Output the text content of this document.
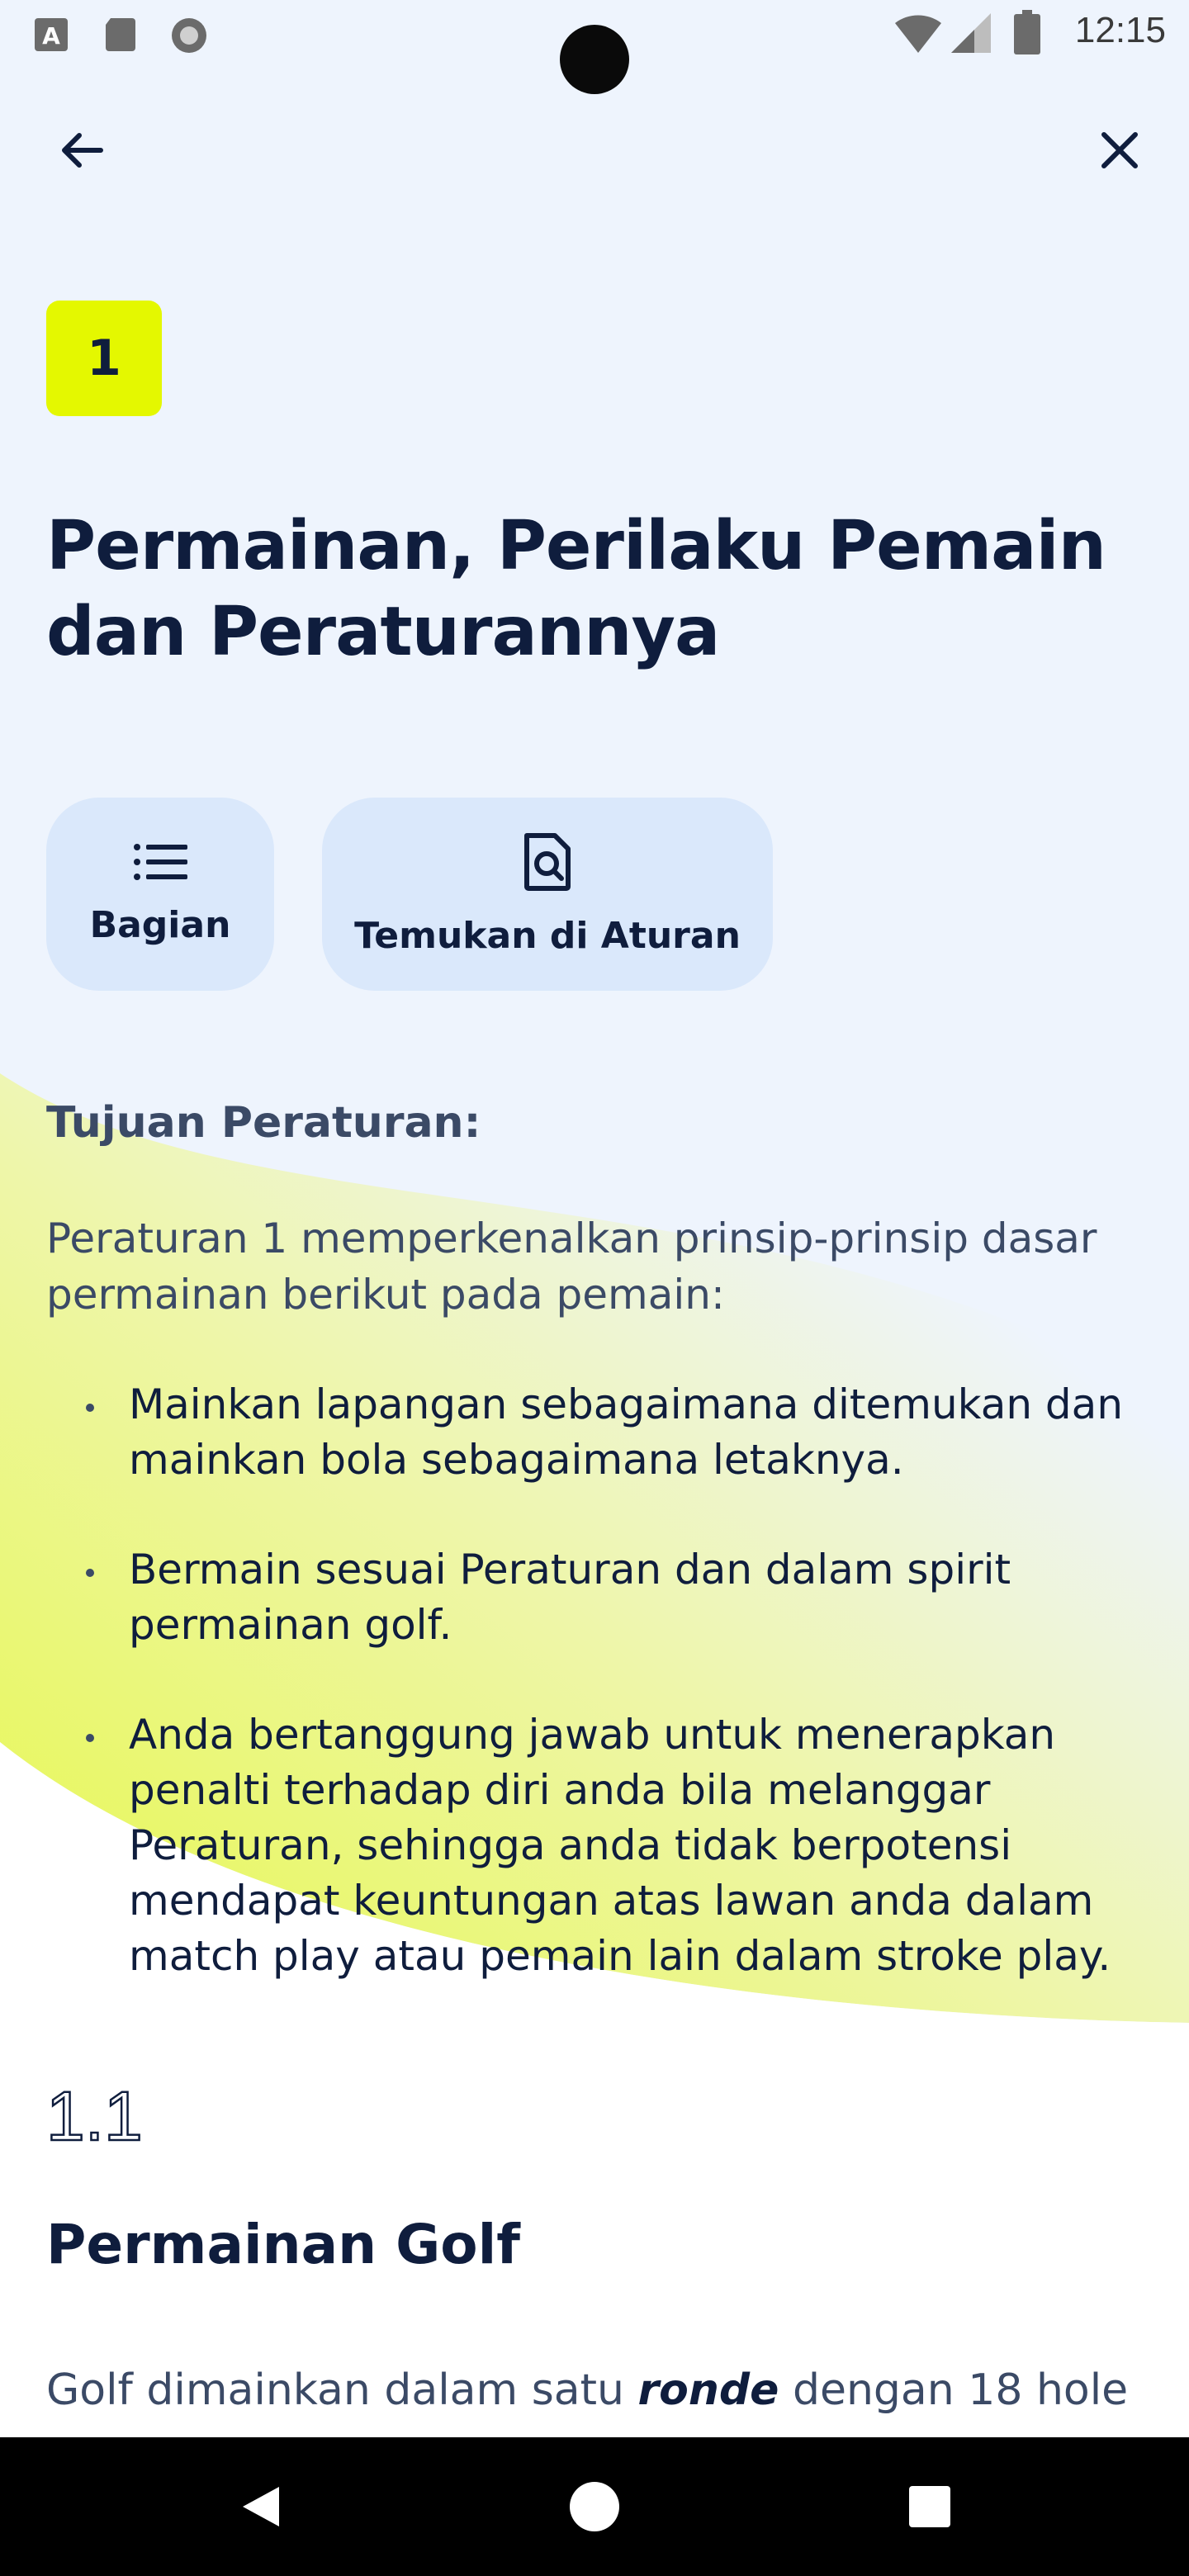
A	12:15
1
Permainan, Perilaku Pemain dan Peraturannya
Bagian	Temukan di Aturan
Tujuan Peraturan:

Peraturan 1 memperkenalkan prinsip-prinsip dasar permainan berikut pada pemain:

Mainkan lapangan sebagaimana ditemukan dan mainkan bola sebagaimana letaknya.
Bermain sesuai Peraturan dan dalam spirit permainan golf.
Anda bertanggung jawab untuk menerapkan penalti terhadap diri anda bila melanggar Peraturan, sehingga anda tidak berpotensi mendapat keuntungan atas lawan anda dalam match play atau pemain lain dalam stroke play.
1.1
Permainan Golf

Golf dimainkan dalam satu ronde dengan 18 hole
